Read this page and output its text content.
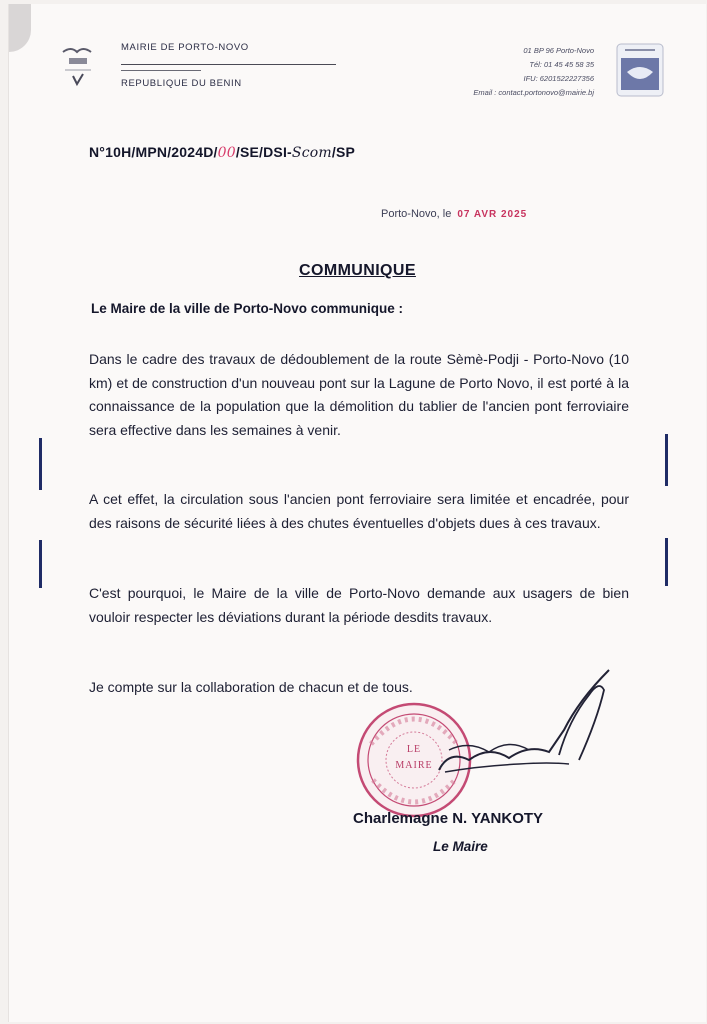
MAIRIE DE PORTO-NOVO
REPUBLIQUE DU BENIN
01 BP 96 Porto-Novo
Tél: 01 45 45 58 35
IFU: 6201522227356
Email : contact.portonovo@mairie.bj
N°10H/MPN/2024D/00/SE/DSI-Scom/SP
Porto-Novo, le 07 AVR 2025
COMMUNIQUE
Le Maire de la ville de Porto-Novo communique :
Dans le cadre des travaux de dédoublement de la route Sèmè-Podji - Porto-Novo (10 km) et de construction d'un nouveau pont sur la Lagune de Porto Novo, il est porté à la connaissance de la population que la démolition du tablier de l'ancien pont ferroviaire sera effective dans les semaines à venir.
A cet effet, la circulation sous l'ancien pont ferroviaire sera limitée et encadrée, pour des raisons de sécurité liées à des chutes éventuelles d'objets dues à ces travaux.
C'est pourquoi, le Maire de la ville de Porto-Novo demande aux usagers de bien vouloir respecter les déviations durant la période desdits travaux.
Je compte sur la collaboration de chacun et de tous.
LE
MAIRE
Charlemagne N. YANKOTY
Le Maire
